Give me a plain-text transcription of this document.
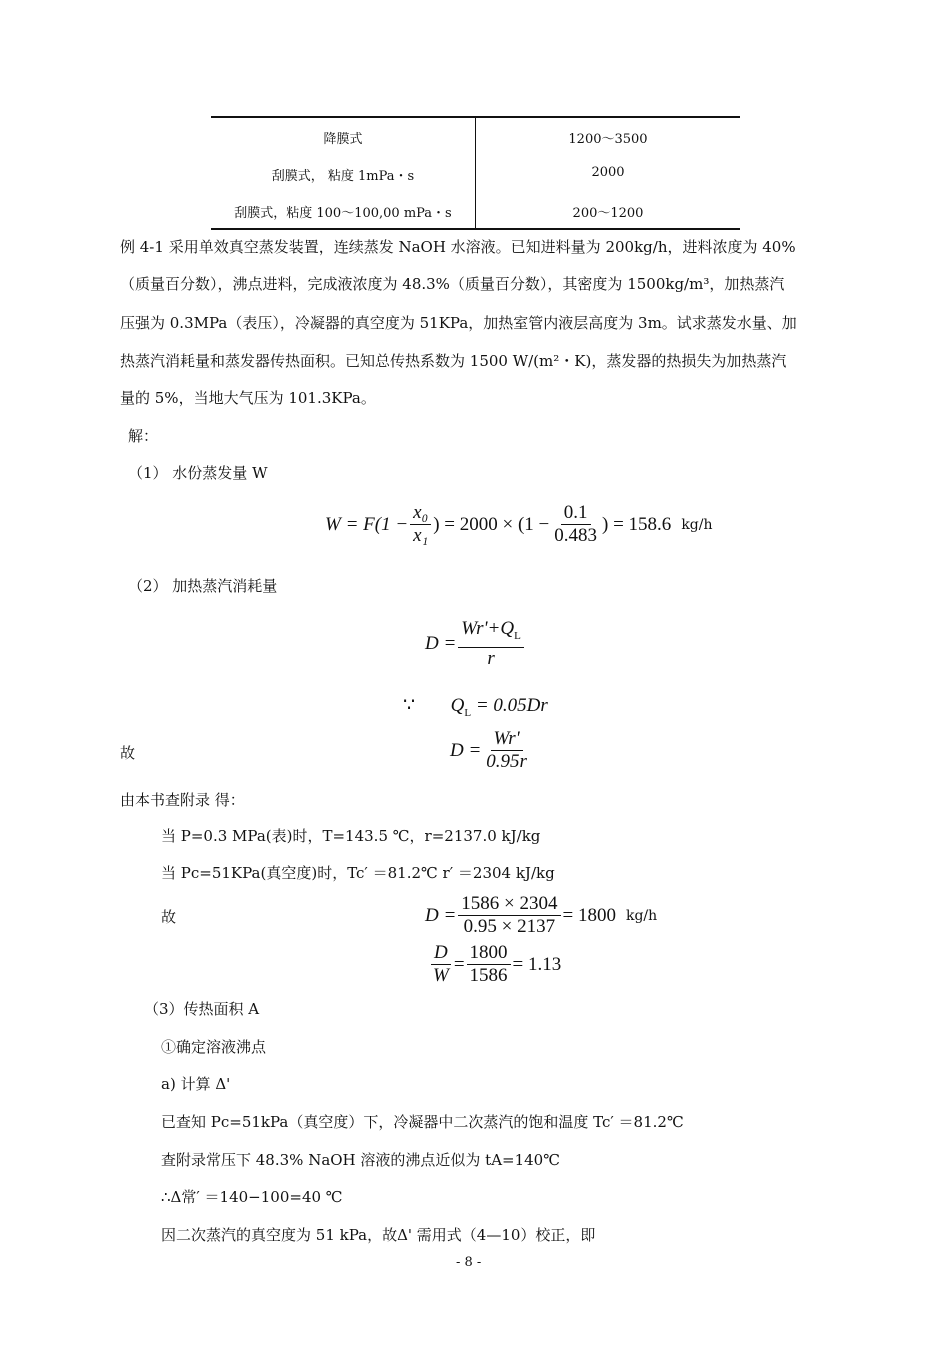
降膜式	1200～3500
刮膜式， 粘度 1mPa・s	2000
刮膜式，粘度 100～100,00 mPa・s	200～1200
例 4-1 采用单效真空蒸发装置，连续蒸发 NaOH 水溶液。已知进料量为 200kg/h，进料浓度为 40%
（质量百分数），沸点进料，完成液浓度为 48.3%（质量百分数），其密度为 1500kg/m³，加热蒸汽
压强为 0.3MPa（表压），冷凝器的真空度为 51KPa，加热室管内液层高度为 3m。试求蒸发水量、加
热蒸汽消耗量和蒸发器传热面积。已知总传热系数为 1500 W/(m²・K)，蒸发器的热损失为加热蒸汽
量的 5%，当地大气压为 101.3KPa。
解：
（1） 水份蒸发量 W
$W = F(1 - \frac{\text{x₀}}{\text{x₁}}$ ) = $2000 \times (1 - \frac{0.1}{0.483}$ ) = 158.6 kg/h
（2） 加热蒸汽消耗量
$D = \frac{Wr'+Q_L}{r}$
∵ $Q_L = 0.05Dr$
故	$D = \frac{Wr'}{0.95r}$
由本书查附录 得：
当 P=0.3 MPa(表)时，T=143.5 ℃，r=2137.0 kJ/kg
当 Pc=51KPa(真空度)时，Tc′ ＝81.2℃ r′ ＝2304 kJ/kg
故	$D = \frac{1586 \times 2304}{0.95 \times 2137} = 1800$ kg/h
$\frac{D}{W} = \frac{1800}{1586} = 1.13$
（3）传热面积 A
①确定溶液沸点
a) 计算 Δ'
已查知 Pc=51kPa（真空度）下，冷凝器中二次蒸汽的饱和温度 Tc′ ＝81.2℃
查附录常压下 48.3% NaOH 溶液的沸点近似为 tA=140℃
∴Δ常′ ＝140−100=40 ℃
因二次蒸汽的真空度为 51 kPa，故Δ' 需用式（4—10）校正，即
- 8 -
